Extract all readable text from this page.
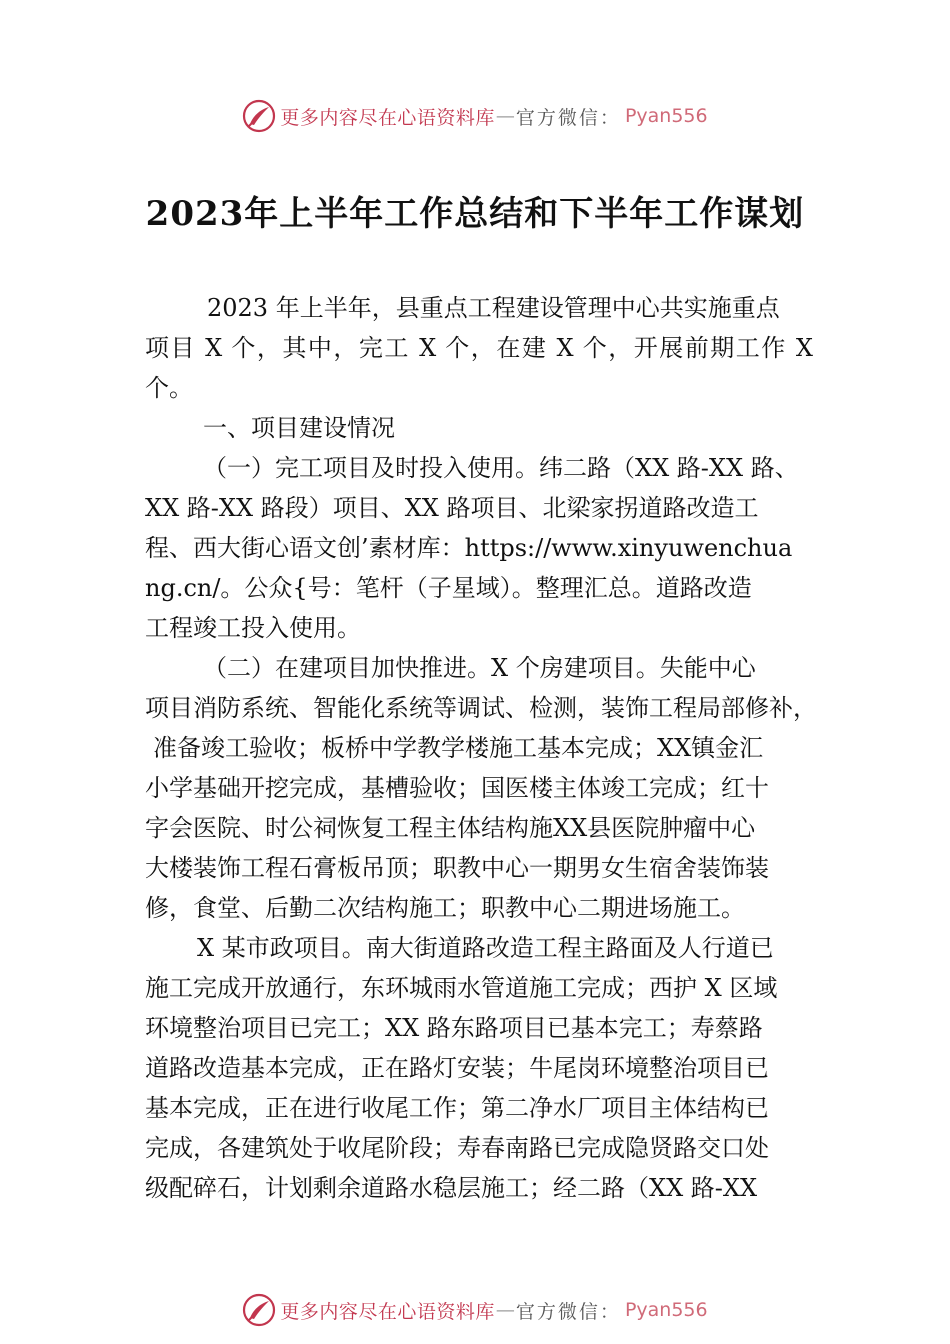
更多内容尽在心语资料库 — 官方微信： Pyan556
2023年上半年工作总结和下半年工作谋划
2023 年上半年，县重点工程建设管理中心共实施重点
项目 X 个，其中，完工 X 个，在建 X 个，开展前期工作 X
个。
一、项目建设情况
（一）完工项目及时投入使用。纬二路（XX 路-XX 路、
XX 路-XX 路段）项目、XX 路项目、北梁家拐道路改造工
程、西大街心语文创’素材库：https://www.xinyuwenchua
ng.cn/。公众{号：笔杆（子星域）。整理汇总。道路改造
工程竣工投入使用。
（二）在建项目加快推进。X 个房建项目。失能中心
项目消防系统、智能化系统等调试、检测，装饰工程局部修补，
准备竣工验收；板桥中学教学楼施工基本完成；XX镇金汇
小学基础开挖完成，基槽验收；国医楼主体竣工完成；红十
字会医院、时公祠恢复工程主体结构施XX县医院肿瘤中心
大楼装饰工程石膏板吊顶；职教中心一期男女生宿舍装饰装
修，食堂、后勤二次结构施工；职教中心二期进场施工。
X 某市政项目。南大街道路改造工程主路面及人行道已
施工完成开放通行，东环城雨水管道施工完成；西护 X 区域
环境整治项目已完工；XX 路东路项目已基本完工；寿蔡路
道路改造基本完成，正在路灯安装；牛尾岗环境整治项目已
基本完成，正在进行收尾工作；第二净水厂项目主体结构已
完成，各建筑处于收尾阶段；寿春南路已完成隐贤路交口处
级配碎石，计划剩余道路水稳层施工；经二路（XX 路-XX
更多内容尽在心语资料库 — 官方微信： Pyan556
